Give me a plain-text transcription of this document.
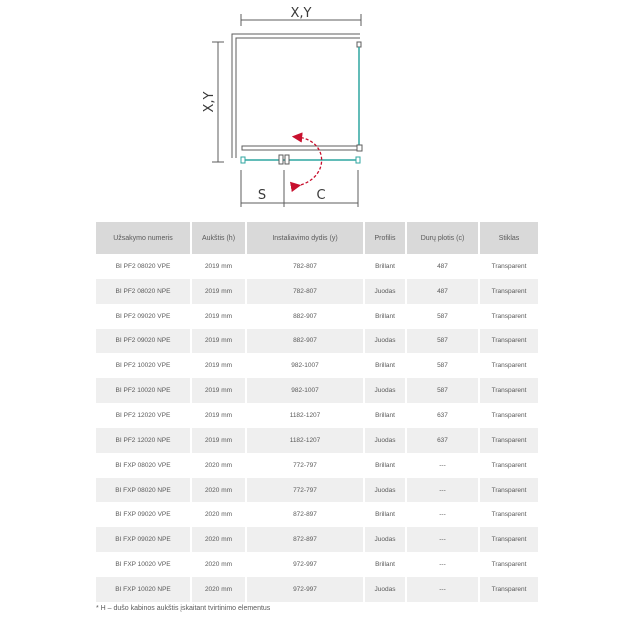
X,Y
X,Y
S	C
Užsakymo numeris	Aukštis (h)	Instaliavimo dydis (y)	Profilis	Durų plotis (c)	Stiklas
BI PF2 08020 VPE	2019 mm	782-807	Brillant	487	Transparent
BI PF2 08020 NPE	2019 mm	782-807	Juodas	487	Transparent
BI PF2 09020 VPE	2019 mm	882-907	Brillant	587	Transparent
BI PF2 09020 NPE	2019 mm	882-907	Juodas	587	Transparent
BI PF2 10020 VPE	2019 mm	982-1007	Brillant	587	Transparent
BI PF2 10020 NPE	2019 mm	982-1007	Juodas	587	Transparent
BI PF2 12020 VPE	2019 mm	1182-1207	Brillant	637	Transparent
BI PF2 12020 NPE	2019 mm	1182-1207	Juodas	637	Transparent
BI FXP 08020 VPE	2020 mm	772-797	Brillant	---	Transparent
BI FXP 08020 NPE	2020 mm	772-797	Juodas	---	Transparent
BI FXP 09020 VPE	2020 mm	872-897	Brillant	---	Transparent
BI FXP 09020 NPE	2020 mm	872-897	Juodas	---	Transparent
BI FXP 10020 VPE	2020 mm	972-997	Brillant	---	Transparent
BI FXP 10020 NPE	2020 mm	972-997	Juodas	---	Transparent
* H – dušo kabinos aukštis įskaitant tvirtinimo elementus
